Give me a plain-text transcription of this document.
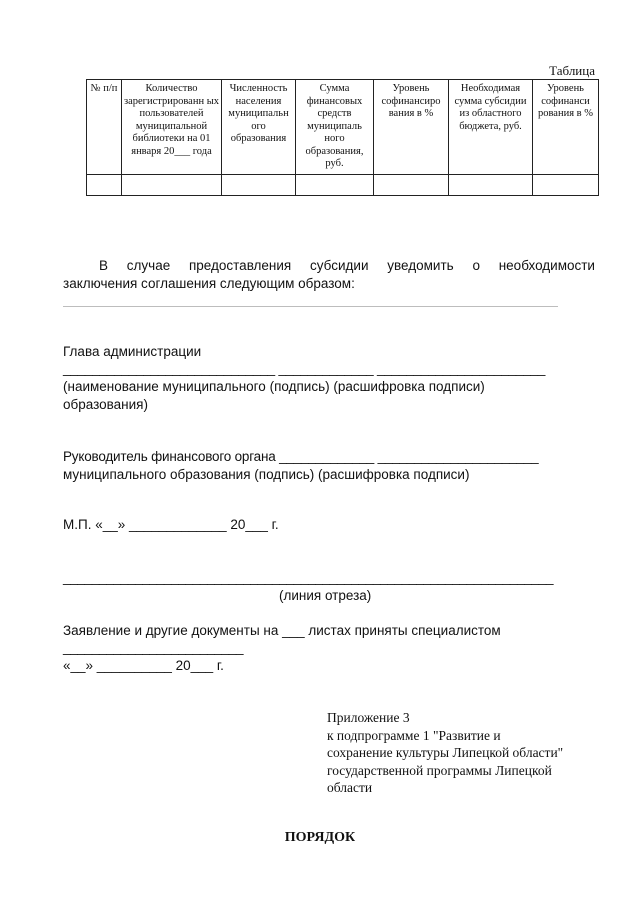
Таблица
№ п/п	Количество зарегистрированн ых пользователей муниципальной библиотеки на 01 января 20___ года	Численность населения муниципальн ого образования	Сумма финансовых средств муниципаль ного образования, руб.	Уровень софинансиро вания в %	Необходимая сумма субсидии из областного бюджета, руб.	Уровень софинанси рования в %

В случае предоставления субсидии уведомить о необходимости
заключения соглашения следующим образом:
Глава администрации
_____________________________ _____________ _______________________
(наименование муниципального (подпись) (расшифровка подписи)
образования)
Руководитель финансового органа _____________ ______________________
муниципального образования (подпись) (расшифровка подписи)
М.П. «__» _____________ 20___ г.
____________________________________________________________________
(линия отреза)
Заявление и другие документы на ___ листах приняты специалистом
_________________________
«__» __________ 20___ г.
Приложение 3
к подпрограмме 1 "Развитие и
сохранение культуры Липецкой области"
государственной программы Липецкой
области
ПОРЯДОК
